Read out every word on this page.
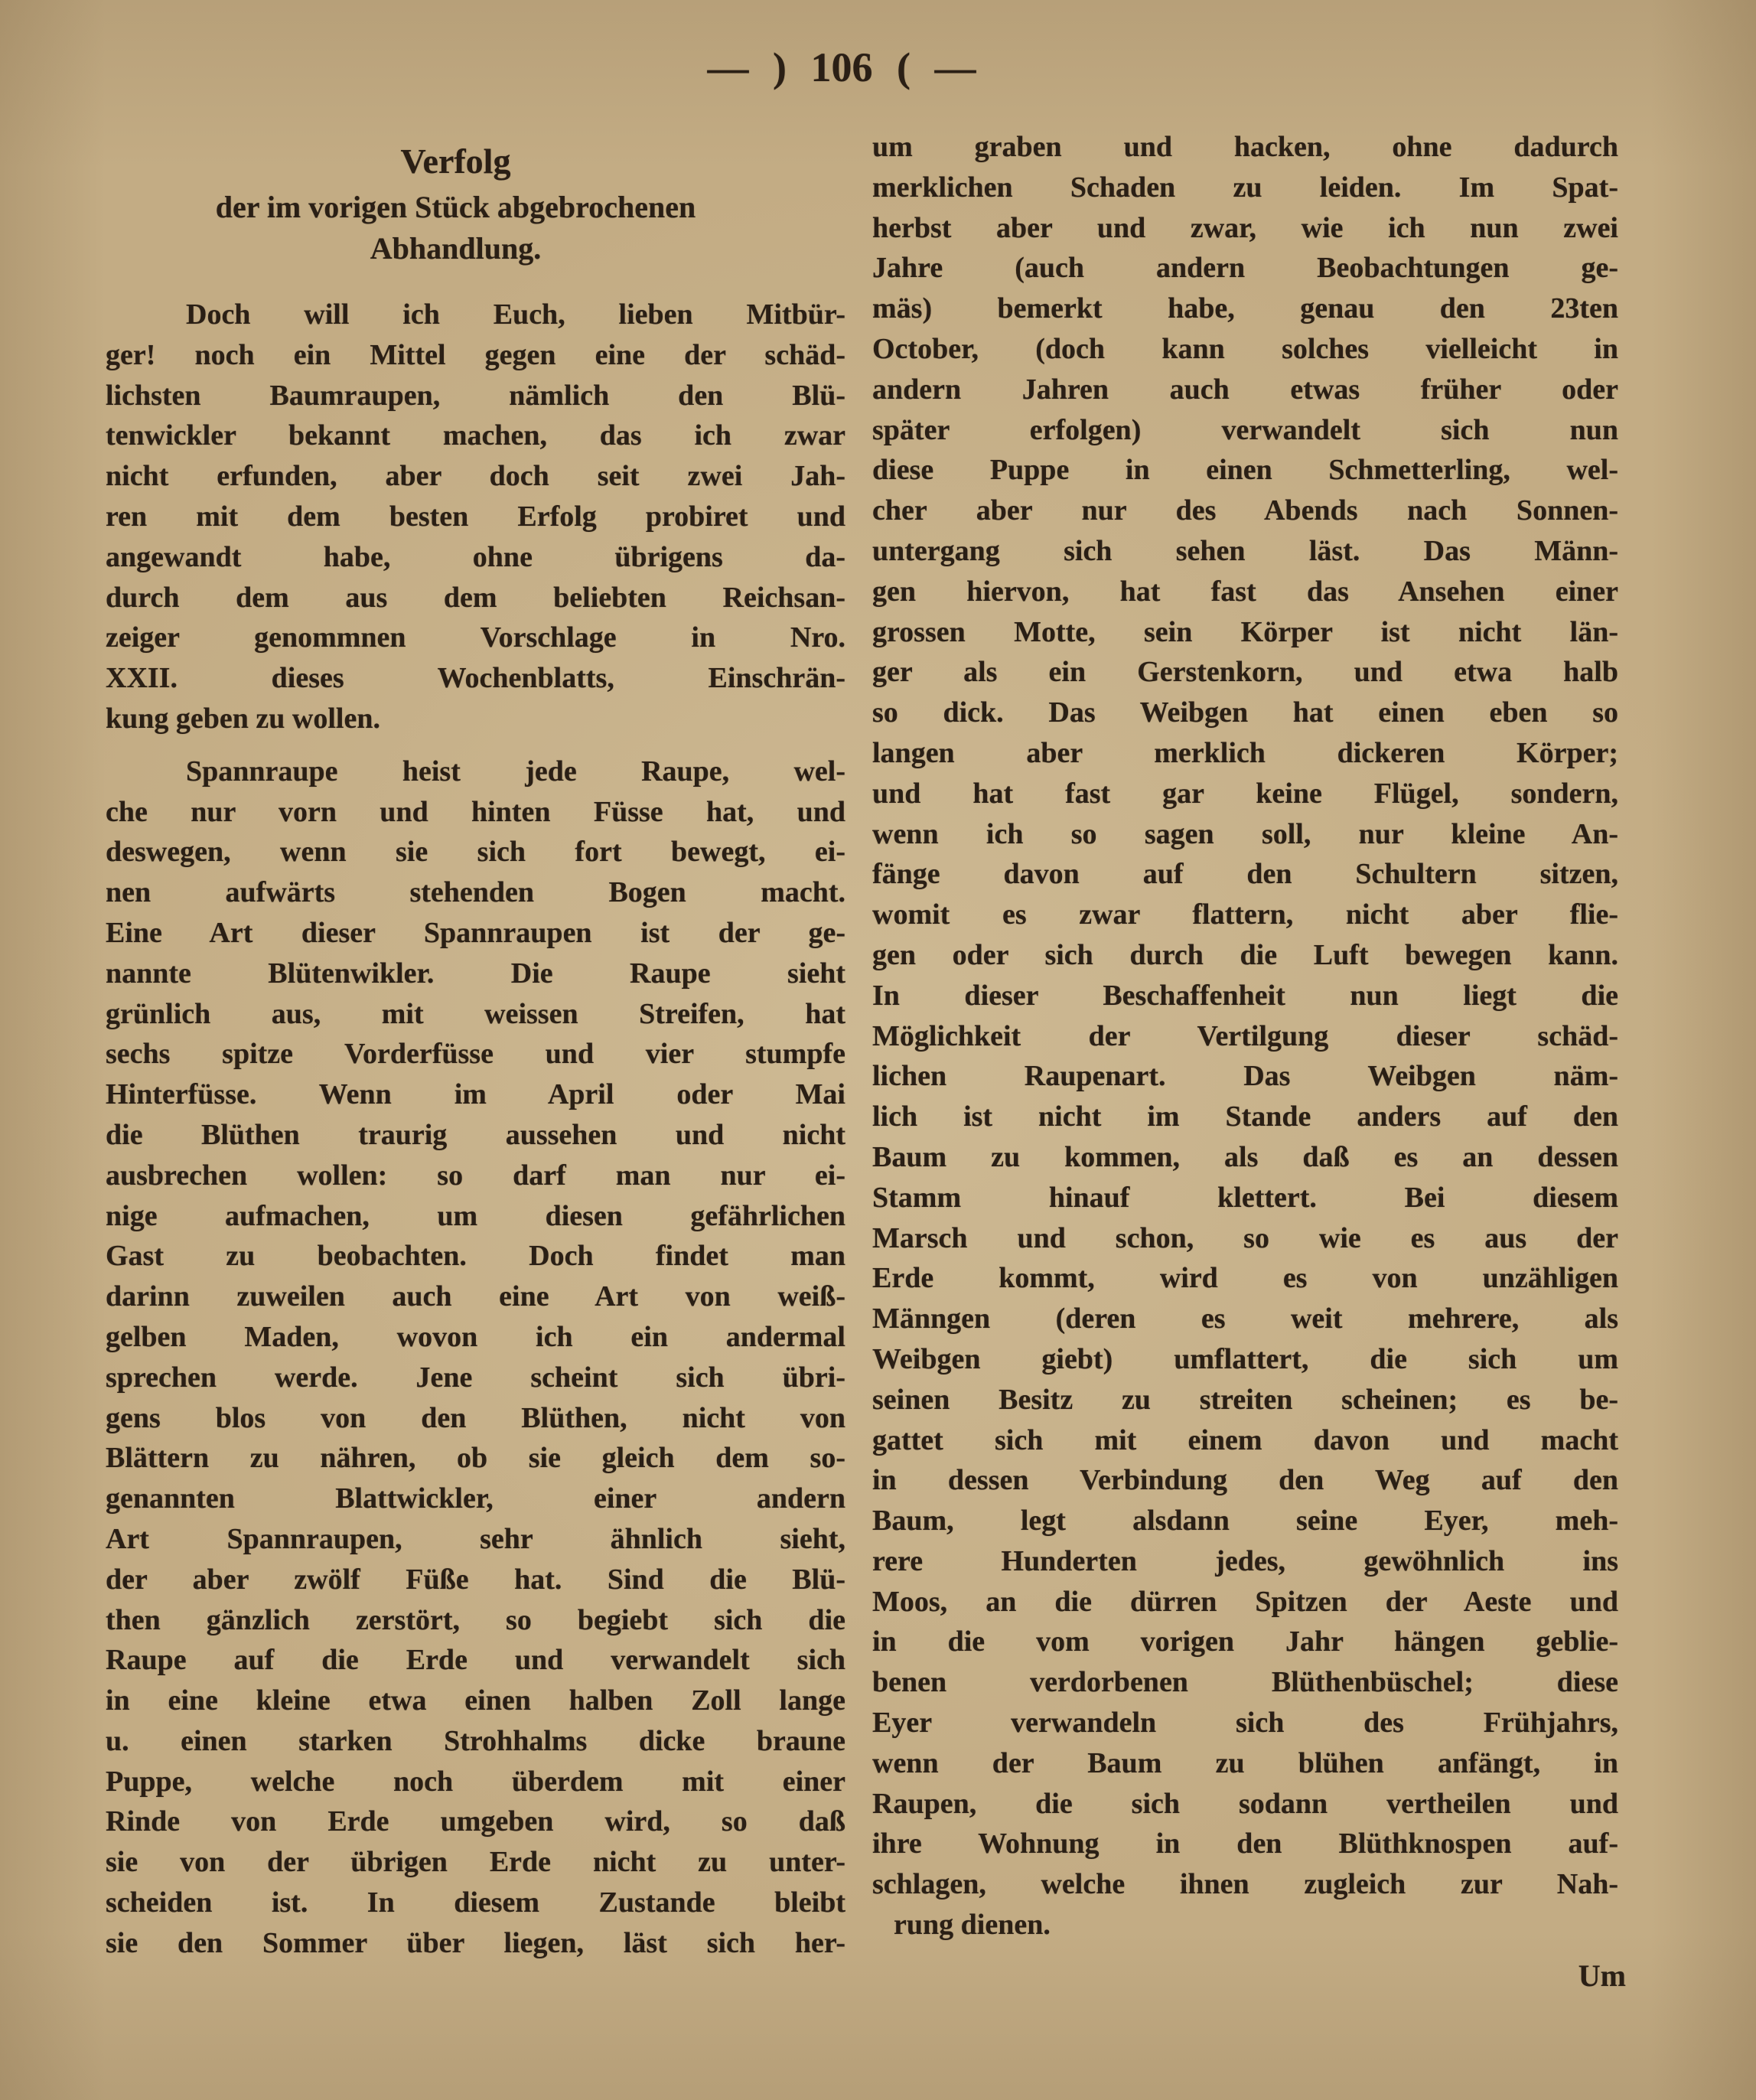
— ) 106 ( —
Verfolg
der im vorigen Stück abgebrochenen
Abhandlung.
Doch will ich Euch, lieben Mitbür-
ger! noch ein Mittel gegen eine der schäd-
lichsten Baumraupen, nämlich den Blü-
tenwickler bekannt machen, das ich zwar
nicht erfunden, aber doch seit zwei Jah-
ren mit dem besten Erfolg probiret und
angewandt habe, ohne übrigens da-
durch dem aus dem beliebten Reichsan-
zeiger genommnen Vorschlage in Nro.
XXII. dieses Wochenblatts, Einschrän-
kung geben zu wollen.
Spannraupe heist jede Raupe, wel-
che nur vorn und hinten Füsse hat, und
deswegen, wenn sie sich fort bewegt, ei-
nen aufwärts stehenden Bogen macht.
Eine Art dieser Spannraupen ist der ge-
nannte Blütenwikler. Die Raupe sieht
grünlich aus, mit weissen Streifen, hat
sechs spitze Vorderfüsse und vier stumpfe
Hinterfüsse. Wenn im April oder Mai
die Blüthen traurig aussehen und nicht
ausbrechen wollen: so darf man nur ei-
nige aufmachen, um diesen gefährlichen
Gast zu beobachten. Doch findet man
darinn zuweilen auch eine Art von weiß-
gelben Maden, wovon ich ein andermal
sprechen werde. Jene scheint sich übri-
gens blos von den Blüthen, nicht von
Blättern zu nähren, ob sie gleich dem so-
genannten Blattwickler, einer andern
Art Spannraupen, sehr ähnlich sieht,
der aber zwölf Füße hat. Sind die Blü-
then gänzlich zerstört, so begiebt sich die
Raupe auf die Erde und verwandelt sich
in eine kleine etwa einen halben Zoll lange
u. einen starken Strohhalms dicke braune
Puppe, welche noch überdem mit einer
Rinde von Erde umgeben wird, so daß
sie von der übrigen Erde nicht zu unter-
scheiden ist. In diesem Zustande bleibt
sie den Sommer über liegen, läst sich her-
um graben und hacken, ohne dadurch
merklichen Schaden zu leiden. Im Spat-
herbst aber und zwar, wie ich nun zwei
Jahre (auch andern Beobachtungen ge-
mäs) bemerkt habe, genau den 23ten
October, (doch kann solches vielleicht in
andern Jahren auch etwas früher oder
später erfolgen) verwandelt sich nun
diese Puppe in einen Schmetterling, wel-
cher aber nur des Abends nach Sonnen-
untergang sich sehen läst. Das Männ-
gen hiervon, hat fast das Ansehen einer
grossen Motte, sein Körper ist nicht län-
ger als ein Gerstenkorn, und etwa halb
so dick. Das Weibgen hat einen eben so
langen aber merklich dickeren Körper;
und hat fast gar keine Flügel, sondern,
wenn ich so sagen soll, nur kleine An-
fänge davon auf den Schultern sitzen,
womit es zwar flattern, nicht aber flie-
gen oder sich durch die Luft bewegen kann.
In dieser Beschaffenheit nun liegt die
Möglichkeit der Vertilgung dieser schäd-
lichen Raupenart. Das Weibgen näm-
lich ist nicht im Stande anders auf den
Baum zu kommen, als daß es an dessen
Stamm hinauf klettert. Bei diesem
Marsch und schon, so wie es aus der
Erde kommt, wird es von unzähligen
Männgen (deren es weit mehrere, als
Weibgen giebt) umflattert, die sich um
seinen Besitz zu streiten scheinen; es be-
gattet sich mit einem davon und macht
in dessen Verbindung den Weg auf den
Baum, legt alsdann seine Eyer, meh-
rere Hunderten jedes, gewöhnlich ins
Moos, an die dürren Spitzen der Aeste und
in die vom vorigen Jahr hängen geblie-
benen verdorbenen Blüthenbüschel; diese
Eyer verwandeln sich des Frühjahrs,
wenn der Baum zu blühen anfängt, in
Raupen, die sich sodann vertheilen und
ihre Wohnung in den Blüthknospen auf-
schlagen, welche ihnen zugleich zur Nah-
rung dienen.
Um
